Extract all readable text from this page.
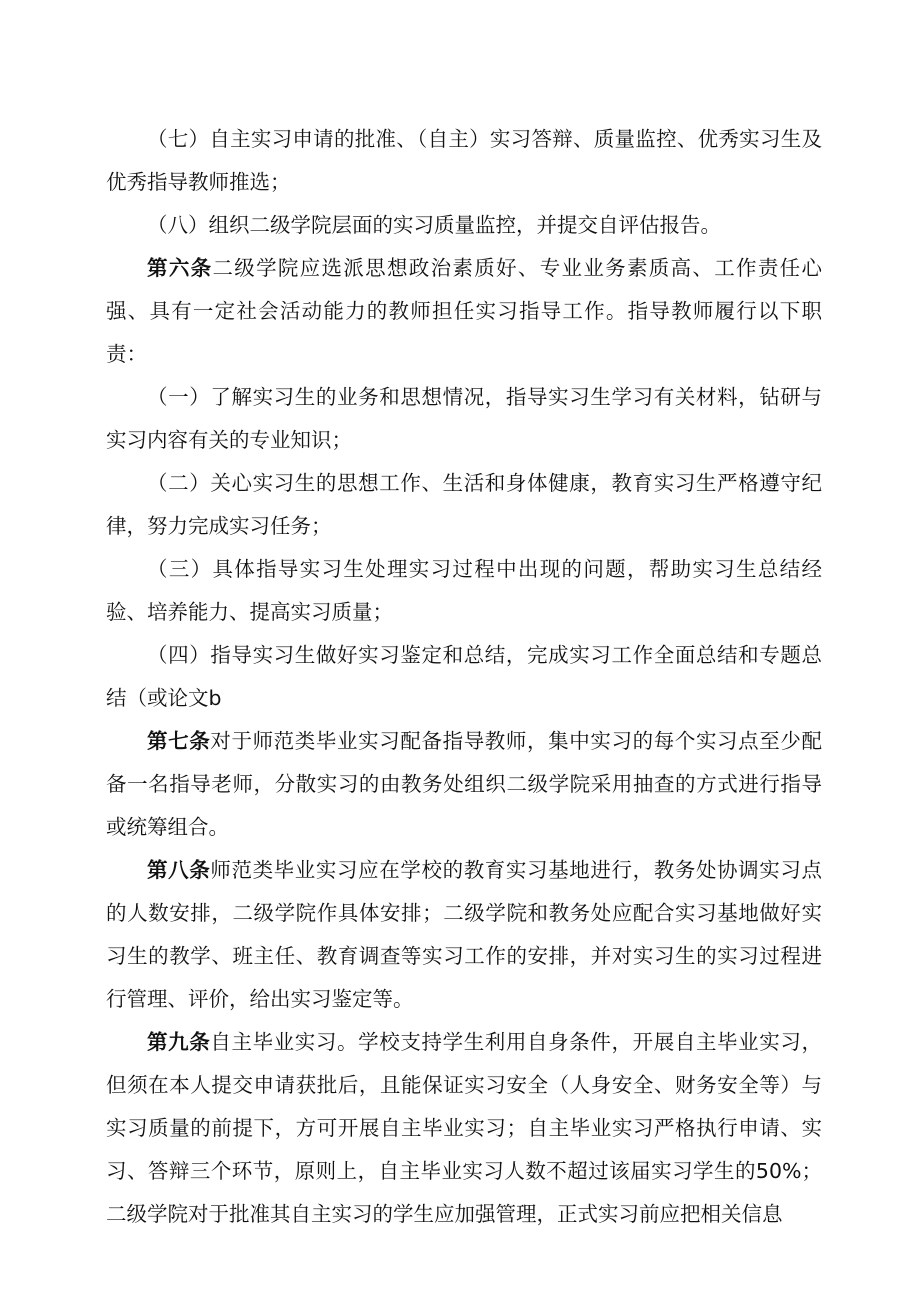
（七）自主实习申请的批准、（自主）实习答辩、质量监控、优秀实习生及优秀指导教师推选；

（八）组织二级学院层面的实习质量监控，并提交自评估报告。

第六条二级学院应选派思想政治素质好、专业业务素质高、工作责任心强、具有一定社会活动能力的教师担任实习指导工作。指导教师履行以下职责：

（一）了解实习生的业务和思想情况，指导实习生学习有关材料，钻研与实习内容有关的专业知识；

（二）关心实习生的思想工作、生活和身体健康，教育实习生严格遵守纪律，努力完成实习任务；

（三）具体指导实习生处理实习过程中出现的问题，帮助实习生总结经验、培养能力、提高实习质量；

（四）指导实习生做好实习鉴定和总结，完成实习工作全面总结和专题总结（或论文b

第七条对于师范类毕业实习配备指导教师，集中实习的每个实习点至少配备一名指导老师，分散实习的由教务处组织二级学院采用抽查的方式进行指导或统筹组合。

第八条师范类毕业实习应在学校的教育实习基地进行，教务处协调实习点的人数安排，二级学院作具体安排；二级学院和教务处应配合实习基地做好实习生的教学、班主任、教育调查等实习工作的安排，并对实习生的实习过程进行管理、评价，给出实习鉴定等。

第九条自主毕业实习。学校支持学生利用自身条件，开展自主毕业实习，但须在本人提交申请获批后，且能保证实习安全（人身安全、财务安全等）与实习质量的前提下，方可开展自主毕业实习；自主毕业实习严格执行申请、实习、答辩三个环节，原则上，自主毕业实习人数不超过该届实习学生的50%；二级学院对于批准其自主实习的学生应加强管理，正式实习前应把相关信息
